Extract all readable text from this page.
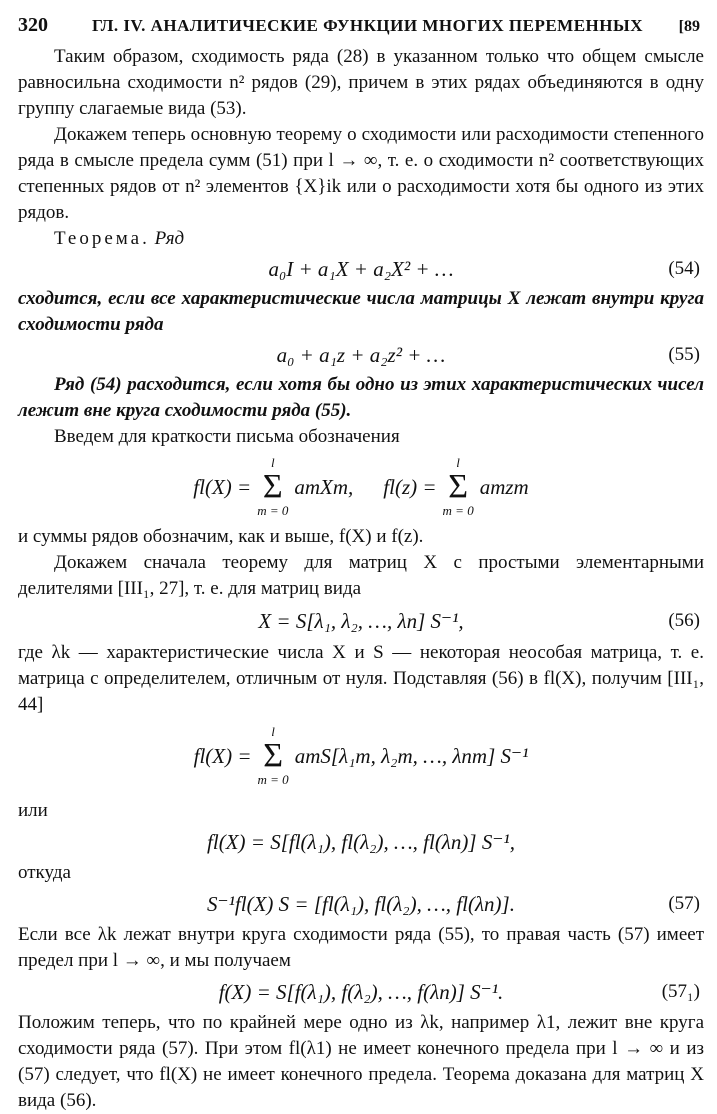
320	ГЛ. IV. АНАЛИТИЧЕСКИЕ ФУНКЦИИ МНОГИХ ПЕРЕМЕННЫХ [89

Таким образом, сходимость ряда (28) в указанном только что общем смысле равносильна сходимости n² рядов (29), причем в этих рядах объединяются в одну группу слагаемые вида (53).

Докажем теперь основную теорему о сходимости или расходимости степенного ряда в смысле предела сумм (51) при l → ∞, т. е. о сходимости n² соответствующих степенных рядов от n² элементов {X}ik или о расходимости хотя бы одного из этих рядов.

Теорема. Ряд

a₀I + a₁X + a₂X² + …	(54)

сходится, если все характеристические числа матрицы X лежат внутри круга сходимости ряда

a₀ + a₁z + a₂z² + …	(55)

Ряд (54) расходится, если хотя бы одно из этих характеристических чисел лежит вне круга сходимости ряда (55).

Введем для краткости письма обозначения

fl(X) =
l
Σ
m = 0
amXm, fl(z) =
l
Σ
m = 0
amzm

и суммы рядов обозначим, как и выше, f(X) и f(z).

Докажем сначала теорему для матриц X с простыми элементарными делителями [III₁, 27], т. е. для матриц вида

X = S[λ₁, λ₂, …, λn] S⁻¹,	(56)

где λk — характеристические числа X и S — некоторая неособая матрица, т. е. матрица с определителем, отличным от нуля. Подставляя (56) в fl(X), получим [III₁, 44]

fl(X) =
l
Σ
m = 0
amS[λ₁m, λ₂m, …, λnm] S⁻¹

или

fl(X) = S[fl(λ₁), fl(λ₂), …, fl(λn)] S⁻¹,

откуда

S⁻¹fl(X) S = [fl(λ₁), fl(λ₂), …, fl(λn)].	(57)

Если все λk лежат внутри круга сходимости ряда (55), то правая часть (57) имеет предел при l → ∞, и мы получаем

f(X) = S[f(λ₁), f(λ₂), …, f(λn)] S⁻¹.	(57₁)

Положим теперь, что по крайней мере одно из λk, например λ1, лежит вне круга сходимости ряда (57). При этом fl(λ1) не имеет конечного предела при l → ∞ и из (57) следует, что fl(X) не имеет конечного предела. Теорема доказана для матриц X вида (56).
